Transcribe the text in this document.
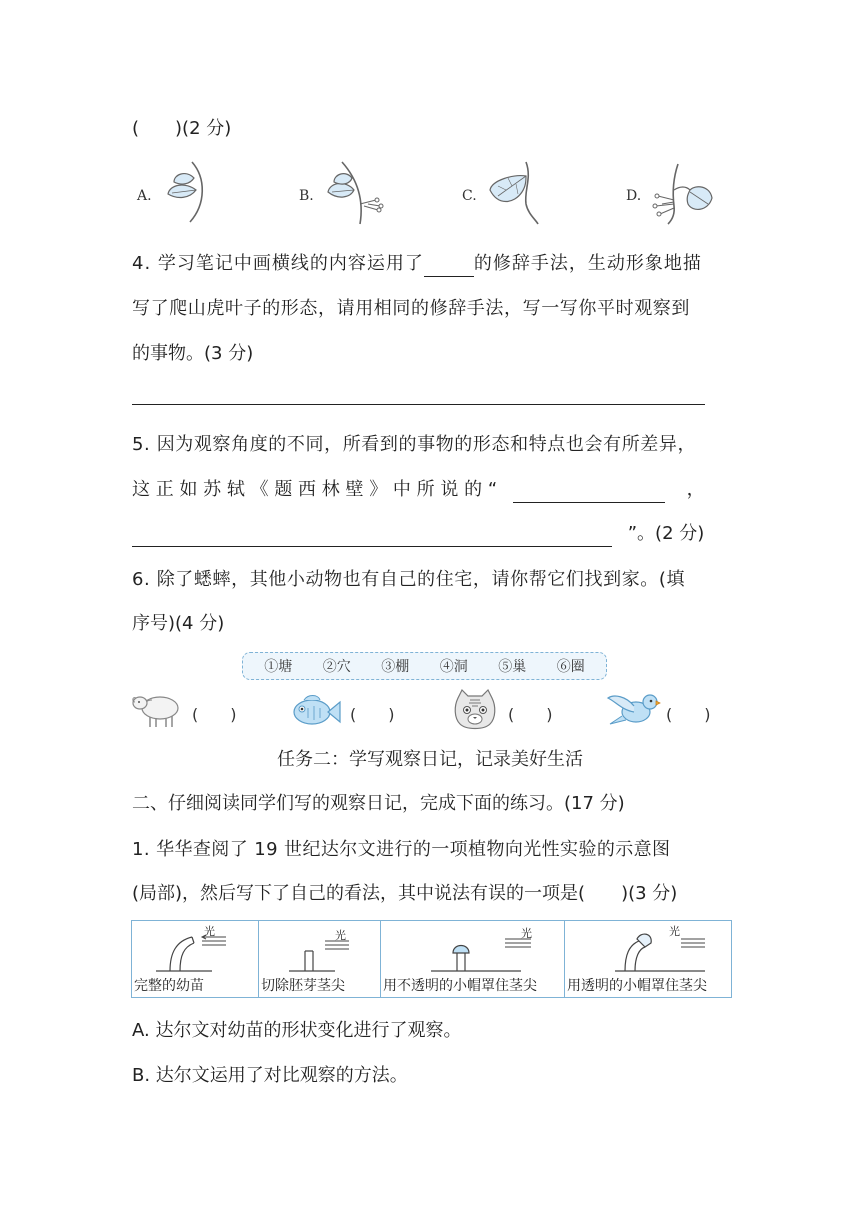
(　　)(2 分)
A.	B.	C.	D.
4. 学习笔记中画横线的内容运用了	的修辞手法，生动形象地描
写了爬山虎叶子的形态，请用相同的修辞手法，写一写你平时观察到
的事物。(3 分)
5. 因为观察角度的不同，所看到的事物的形态和特点也会有所差异，
这 正 如 苏 轼 《 题 西 林 壁 》 中 所 说 的 “	，
”。(2 分)
6. 除了蟋蟀，其他小动物也有自己的住宅，请你帮它们找到家。(填
序号)(4 分)
①塘 ②穴 ③棚 ④洞 ⑤巢 ⑥圈
(　　)	(　　)	(　　)	(　　)
任务二：学写观察日记，记录美好生活
二、仔细阅读同学们写的观察日记，完成下面的练习。(17 分)
1. 华华查阅了 19 世纪达尔文进行的一项植物向光性实验的示意图
(局部)，然后写下了自己的看法，其中说法有误的一项是(　　)(3 分)
光
完整的幼苗
光
切除胚芽茎尖
光
用不透明的小帽罩住茎尖
光
用透明的小帽罩住茎尖
A. 达尔文对幼苗的形状变化进行了观察。
B. 达尔文运用了对比观察的方法。
